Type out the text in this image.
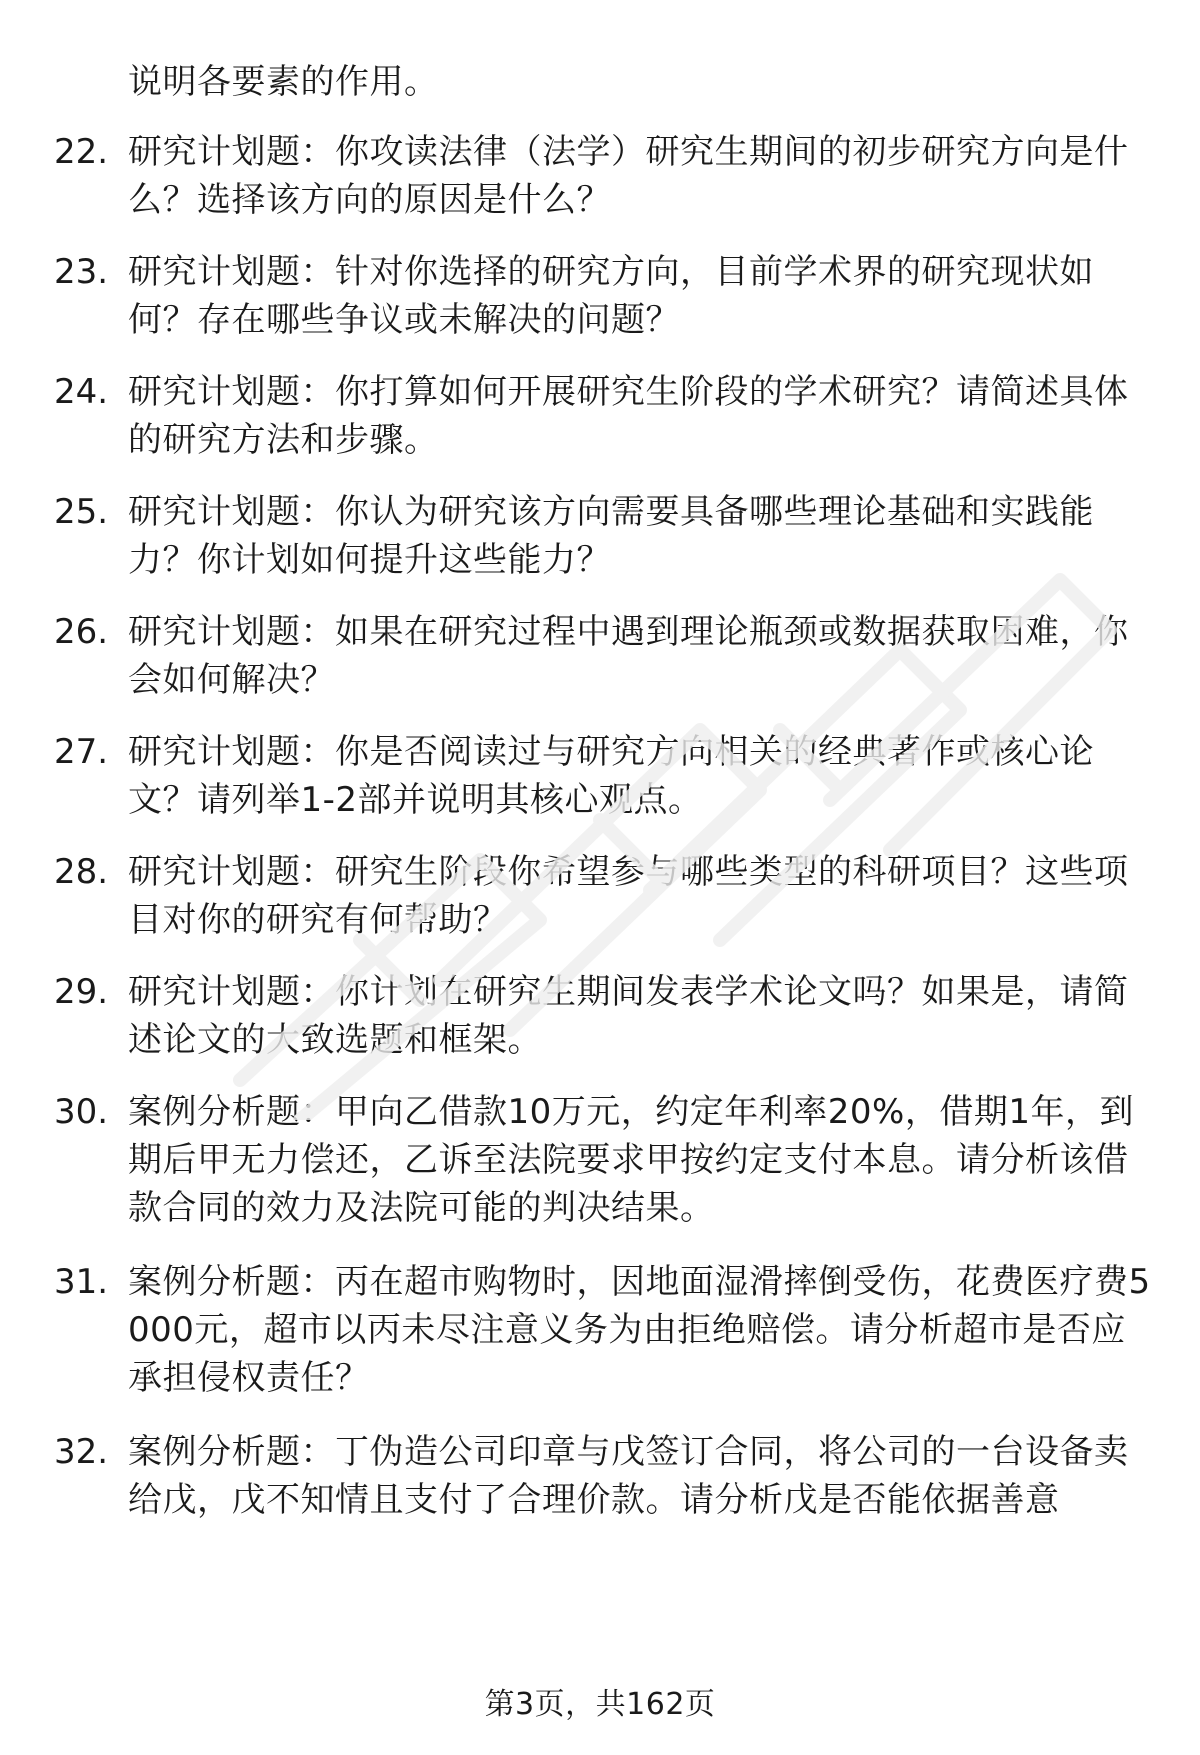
说明各要素的作用。
22. 研究计划题：你攻读法律（法学）研究生期间的初步研究方向是什么？选择该方向的原因是什么？
23. 研究计划题：针对你选择的研究方向，目前学术界的研究现状如何？存在哪些争议或未解决的问题？
24. 研究计划题：你打算如何开展研究生阶段的学术研究？请简述具体的研究方法和步骤。
25. 研究计划题：你认为研究该方向需要具备哪些理论基础和实践能力？你计划如何提升这些能力？
26. 研究计划题：如果在研究过程中遇到理论瓶颈或数据获取困难，你会如何解决？
27. 研究计划题：你是否阅读过与研究方向相关的经典著作或核心论文？请列举1-2部并说明其核心观点。
28. 研究计划题：研究生阶段你希望参与哪些类型的科研项目？这些项目对你的研究有何帮助？
29. 研究计划题：你计划在研究生期间发表学术论文吗？如果是，请简述论文的大致选题和框架。
30. 案例分析题：甲向乙借款10万元，约定年利率20%，借期1年，到期后甲无力偿还，乙诉至法院要求甲按约定支付本息。请分析该借款合同的效力及法院可能的判决结果。
31. 案例分析题：丙在超市购物时，因地面湿滑摔倒受伤，花费医疗费5000元，超市以丙未尽注意义务为由拒绝赔偿。请分析超市是否应承担侵权责任？
32. 案例分析题：丁伪造公司印章与戊签订合同，将公司的一台设备卖给戊，戊不知情且支付了合理价款。请分析戊是否能依据善意
第3页，共162页
